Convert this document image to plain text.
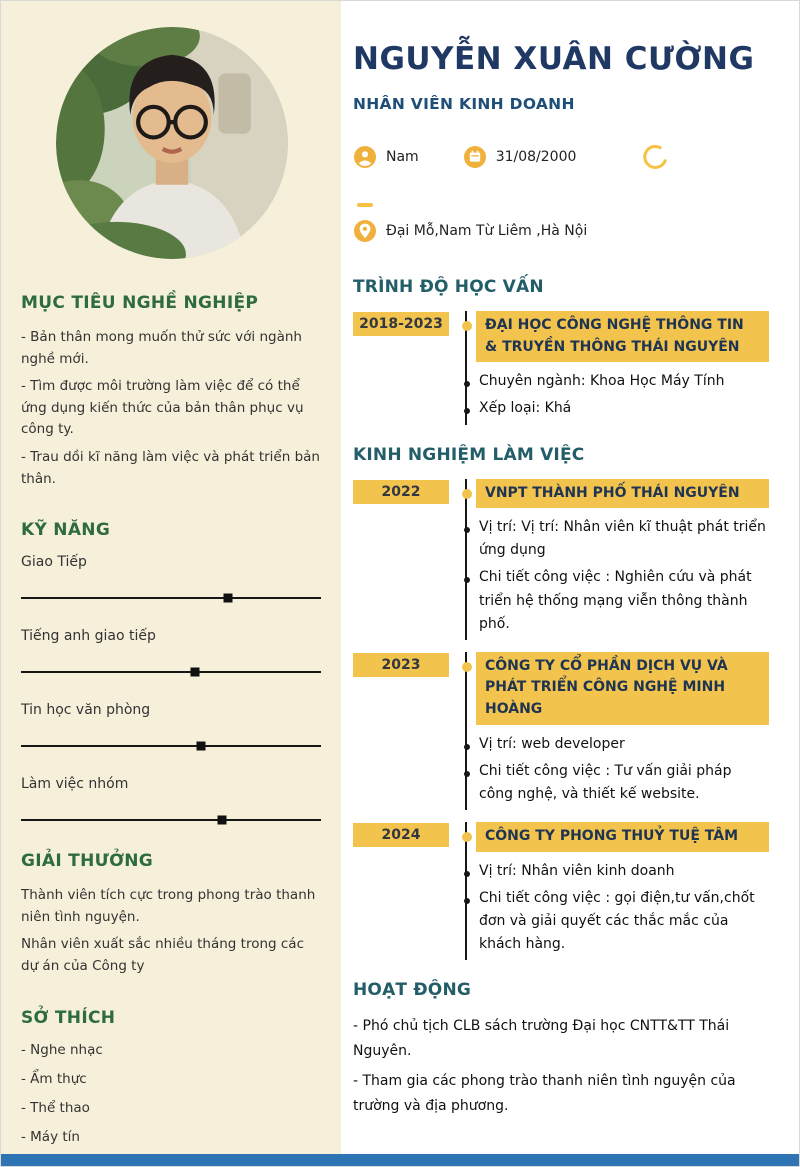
MỤC TIÊU NGHỀ NGHIỆP

- Bản thân mong muốn thử sức với ngành nghề mới.

- Tìm được môi trường làm việc để có thể ứng dụng kiến thức của bản thân phục vụ công ty.

- Trau dồi kĩ năng làm việc và phát triển bản thân.

KỸ NĂNG
Giao Tiếp
Tiếng anh giao tiếp
Tin học văn phòng
Làm việc nhóm
GIẢI THƯỞNG

Thành viên tích cực trong phong trào thanh niên tình nguyện.

Nhân viên xuất sắc nhiều tháng trong các dự án của Công ty

SỞ THÍCH
- Nghe nhạc
- Ẩm thực
- Thể thao
- Máy tín
NGUYỄN XUÂN CƯỜNG
NHÂN VIÊN KINH DOANH
Nam	31/08/2000
Đại Mỗ,Nam Từ Liêm ,Hà Nội
TRÌNH ĐỘ HỌC VẤN
2018-2023	ĐẠI HỌC CÔNG NGHỆ THÔNG TIN & TRUYỀN THÔNG THÁI NGUYÊN
Chuyên ngành: Khoa Học Máy Tính
Xếp loại: Khá
KINH NGHIỆM LÀM VIỆC
2022	VNPT THÀNH PHỐ THÁI NGUYÊN
Vị trí: Vị trí: Nhân viên kĩ thuật phát triển ứng dụng
Chi tiết công việc : Nghiên cứu và phát triển hệ thống mạng viễn thông thành phố.
2023	CÔNG TY CỔ PHẦN DỊCH VỤ VÀ PHÁT TRIỂN CÔNG NGHỆ MINH HOÀNG
Vị trí: web developer
Chi tiết công việc : Tư vấn giải pháp công nghệ, và thiết kế website.
2024	CÔNG TY PHONG THUỶ TUỆ TÂM
Vị trí: Nhân viên kinh doanh
Chi tiết công việc : gọi điện,tư vấn,chốt đơn và giải quyết các thắc mắc của khách hàng.
HOẠT ĐỘNG

- Phó chủ tịch CLB sách trường Đại học CNTT&TT Thái Nguyên.

- Tham gia các phong trào thanh niên tình nguyện của trường và địa phương.
